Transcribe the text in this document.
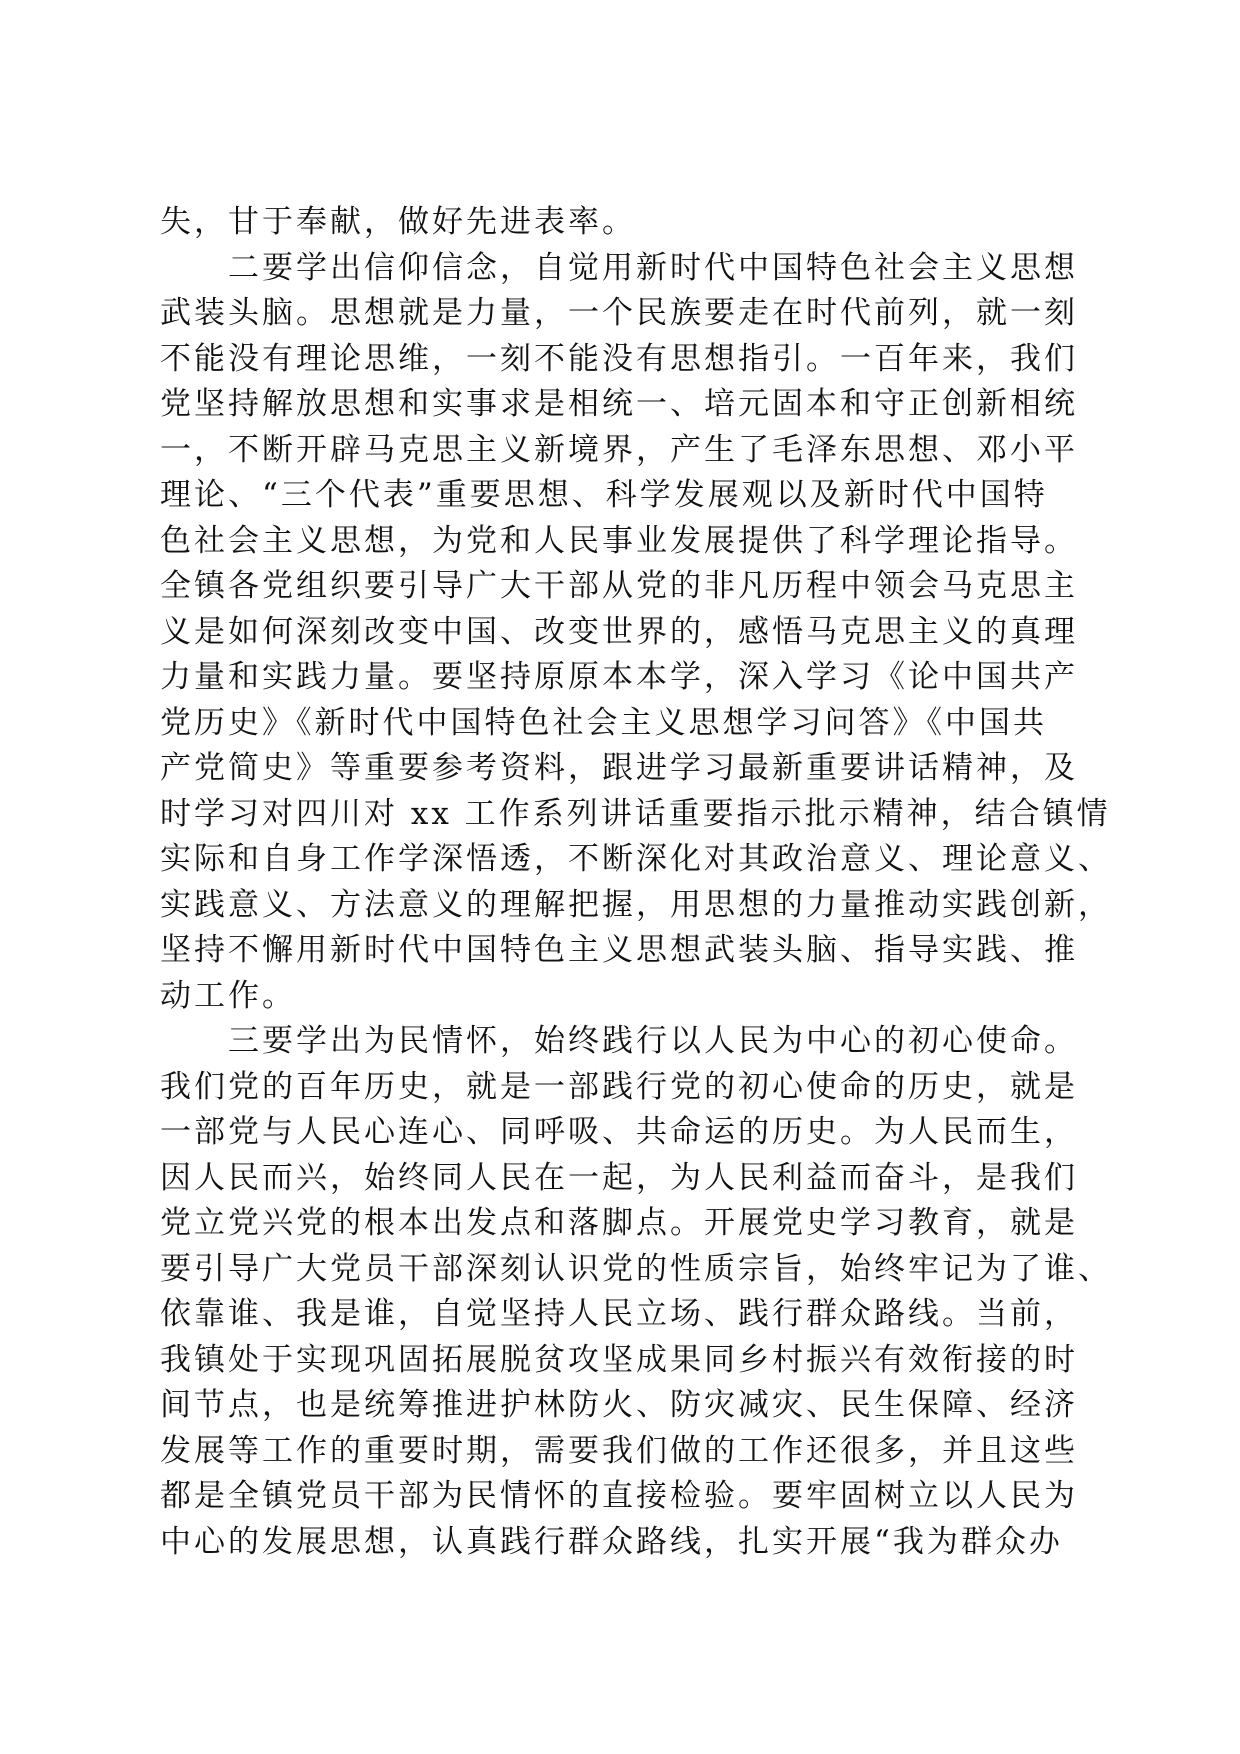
失，甘于奉献，做好先进表率。
二要学出信仰信念，自觉用新时代中国特色社会主义思想
武装头脑。思想就是力量，一个民族要走在时代前列，就一刻
不能没有理论思维，一刻不能没有思想指引。一百年来，我们
党坚持解放思想和实事求是相统一、培元固本和守正创新相统
一，不断开辟马克思主义新境界，产生了毛泽东思想、邓小平
理论、“三个代表”重要思想、科学发展观以及新时代中国特
色社会主义思想，为党和人民事业发展提供了科学理论指导。
全镇各党组织要引导广大干部从党的非凡历程中领会马克思主
义是如何深刻改变中国、改变世界的，感悟马克思主义的真理
力量和实践力量。要坚持原原本本学，深入学习《论中国共产
党历史》《新时代中国特色社会主义思想学习问答》《中国共
产党简史》等重要参考资料，跟进学习最新重要讲话精神，及
时学习对四川对 xx 工作系列讲话重要指示批示精神，结合镇情
实际和自身工作学深悟透，不断深化对其政治意义、理论意义、
实践意义、方法意义的理解把握，用思想的力量推动实践创新，
坚持不懈用新时代中国特色主义思想武装头脑、指导实践、推
动工作。
三要学出为民情怀，始终践行以人民为中心的初心使命。
我们党的百年历史，就是一部践行党的初心使命的历史，就是
一部党与人民心连心、同呼吸、共命运的历史。为人民而生，
因人民而兴，始终同人民在一起，为人民利益而奋斗，是我们
党立党兴党的根本出发点和落脚点。开展党史学习教育，就是
要引导广大党员干部深刻认识党的性质宗旨，始终牢记为了谁、
依靠谁、我是谁，自觉坚持人民立场、践行群众路线。当前，
我镇处于实现巩固拓展脱贫攻坚成果同乡村振兴有效衔接的时
间节点，也是统筹推进护林防火、防灾减灾、民生保障、经济
发展等工作的重要时期，需要我们做的工作还很多，并且这些
都是全镇党员干部为民情怀的直接检验。要牢固树立以人民为
中心的发展思想，认真践行群众路线，扎实开展“我为群众办
